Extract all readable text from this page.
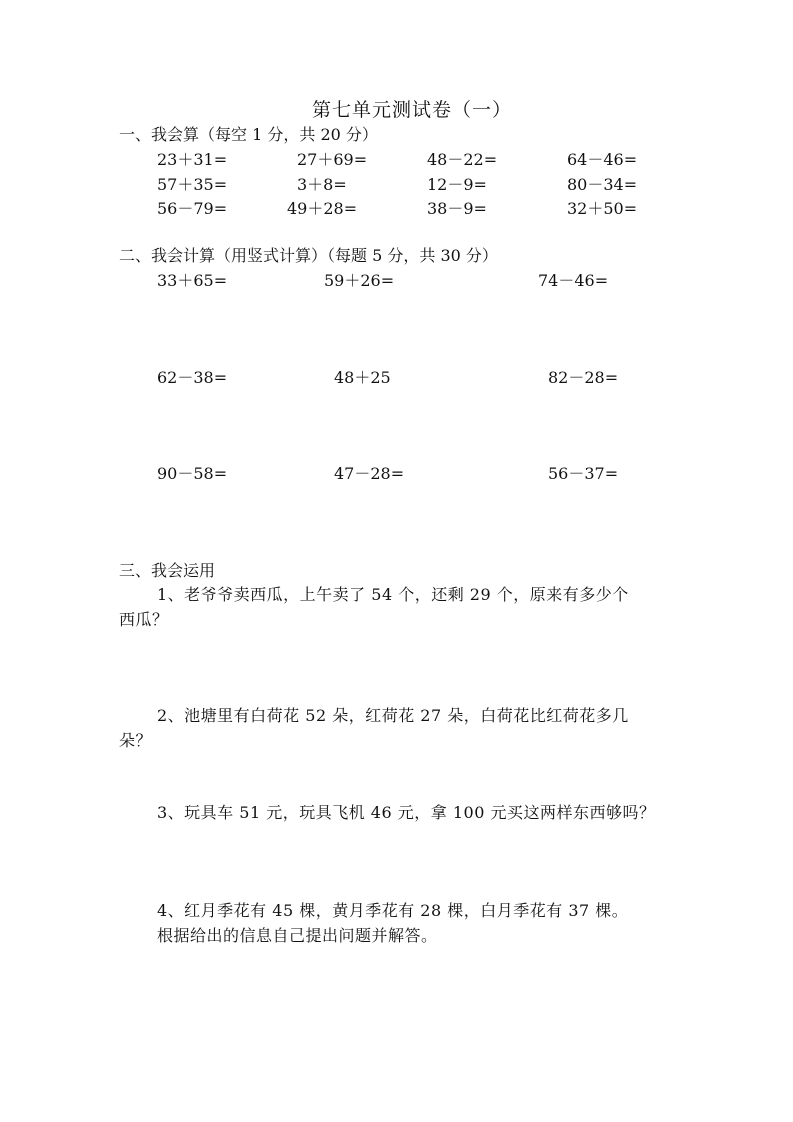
第七单元测试卷（一）
一、我会算（每空 1 分，共 20 分）
23＋31=	27＋69=	48－22=	64－46=
57＋35=	3＋8=	12－9=	80－34=
56－79=	49＋28=	38－9=	32＋50=
二、我会计算（用竖式计算）（每题 5 分，共 30 分）
33＋65=	59＋26=	74－46=
62－38=	48＋25	82－28=
90－58=	47－28=	56－37=
三、我会运用
1、老爷爷卖西瓜，上午卖了 54 个，还剩 29 个，原来有多少个
西瓜？
2、池塘里有白荷花 52 朵，红荷花 27 朵，白荷花比红荷花多几
朵？
3、玩具车 51 元，玩具飞机 46 元，拿 100 元买这两样东西够吗？
4、红月季花有 45 棵，黄月季花有 28 棵，白月季花有 37 棵。
根据给出的信息自己提出问题并解答。
